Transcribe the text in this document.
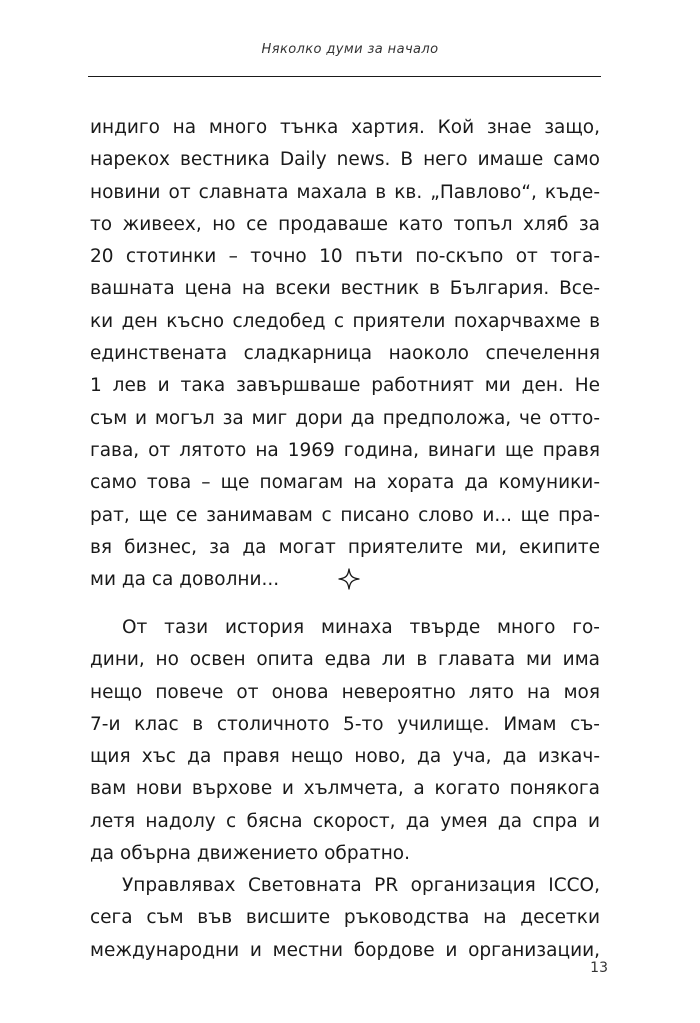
Няколко думи за начало
индиго на много тънка хартия. Кой знае защо,
нарекох вестника Daily news. В него имаше само
новини от славната махала в кв. „Павлово“, къде-
то живеех, но се продаваше като топъл хляб за
20 стотинки – точно 10 пъти по-скъпо от тога-
вашната цена на всеки вестник в България. Все-
ки ден късно следобед с приятели похарчвахме в
единствената сладкарница наоколо спечелення
1 лев и така завършваше работният ми ден. Не
съм и могъл за миг дори да предположа, че отто-
гава, от лятото на 1969 година, винаги ще правя
само това – ще помагам на хората да комуники-
рат, ще се занимавам с писано слово и... ще пра-
вя бизнес, за да могат приятелите ми, екипите
ми да са доволни...
От тази история минаха твърде много го-
дини, но освен опита едва ли в главата ми има
нещо повече от онова невероятно лято на моя
7-и клас в столичното 5-то училище. Имам съ-
щия хъс да правя нещо ново, да уча, да изкач-
вам нови върхове и хълмчета, а когато понякога
летя надолу с бясна скорост, да умея да спра и
да обърна движението обратно.
Управлявах Световната PR организация ICCO,
сега съм във висшите ръководства на десетки
международни и местни бордове и организации,
13
